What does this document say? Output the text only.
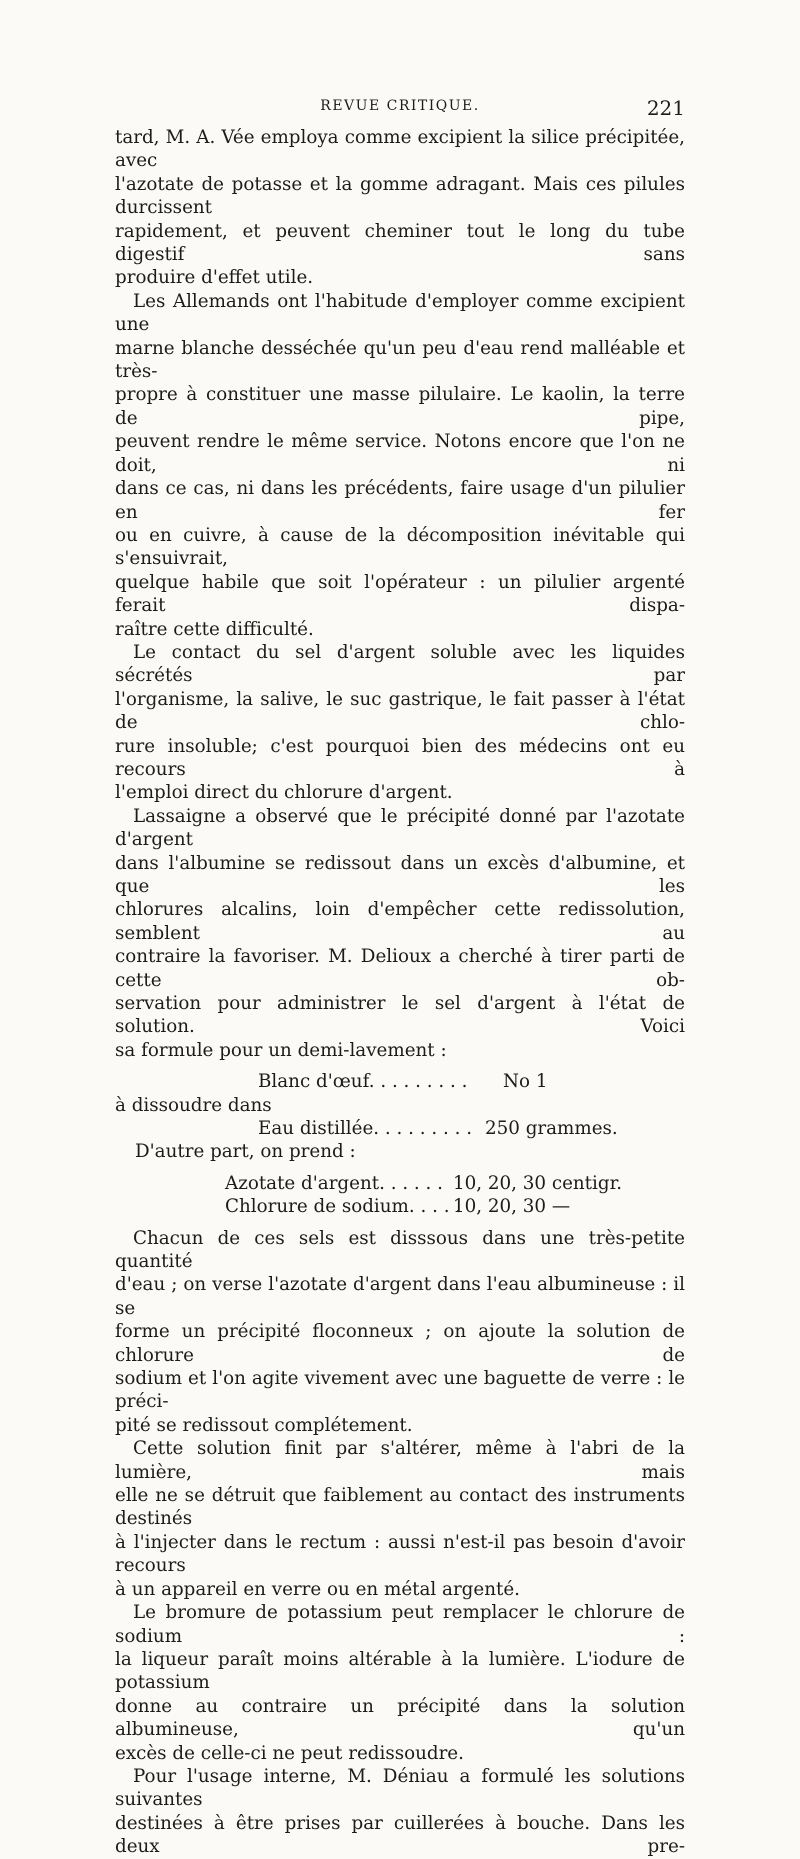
REVUE CRITIQUE.	221

tard, M. A. Vée employa comme excipient la silice précipitée, avec

l'azotate de potasse et la gomme adragant. Mais ces pilules durcissent

rapidement, et peuvent cheminer tout le long du tube digestif sans

produire d'effet utile.

Les Allemands ont l'habitude d'employer comme excipient une

marne blanche desséchée qu'un peu d'eau rend malléable et très-

propre à constituer une masse pilulaire. Le kaolin, la terre de pipe,

peuvent rendre le même service. Notons encore que l'on ne doit, ni

dans ce cas, ni dans les précédents, faire usage d'un pilulier en fer

ou en cuivre, à cause de la décomposition inévitable qui s'ensuivrait,

quelque habile que soit l'opérateur : un pilulier argenté ferait dispa-

raître cette difficulté.

Le contact du sel d'argent soluble avec les liquides sécrétés par

l'organisme, la salive, le suc gastrique, le fait passer à l'état de chlo-

rure insoluble; c'est pourquoi bien des médecins ont eu recours à

l'emploi direct du chlorure d'argent.

Lassaigne a observé que le précipité donné par l'azotate d'argent

dans l'albumine se redissout dans un excès d'albumine, et que les

chlorures alcalins, loin d'empêcher cette redissolution, semblent au

contraire la favoriser. M. Delioux a cherché à tirer parti de cette ob-

servation pour administrer le sel d'argent à l'état de solution. Voici

sa formule pour un demi-lavement :

Blanc d'œuf. . . . . . . . . No 1
à dissoudre dans
Eau distillée. . . . . . . . . 250 grammes.
D'autre part, on prend :
Azotate d'argent. . . . . . 10, 20, 30 centigr.
Chlorure de sodium. . . . .
10, 20, 30 —

Chacun de ces sels est disssous dans une très-petite quantité

d'eau ; on verse l'azotate d'argent dans l'eau albumineuse : il se

forme un précipité floconneux ; on ajoute la solution de chlorure de

sodium et l'on agite vivement avec une baguette de verre : le préci-

pité se redissout complétement.

Cette solution finit par s'altérer, même à l'abri de la lumière, mais

elle ne se détruit que faiblement au contact des instruments destinés

à l'injecter dans le rectum : aussi n'est-il pas besoin d'avoir recours

à un appareil en verre ou en métal argenté.

Le bromure de potassium peut remplacer le chlorure de sodium :

la liqueur paraît moins altérable à la lumière. L'iodure de potassium

donne au contraire un précipité dans la solution albumineuse, qu'un

excès de celle-ci ne peut redissoudre.

Pour l'usage interne, M. Déniau a formulé les solutions suivantes

destinées à être prises par cuillerées à bouche. Dans les deux pre-
